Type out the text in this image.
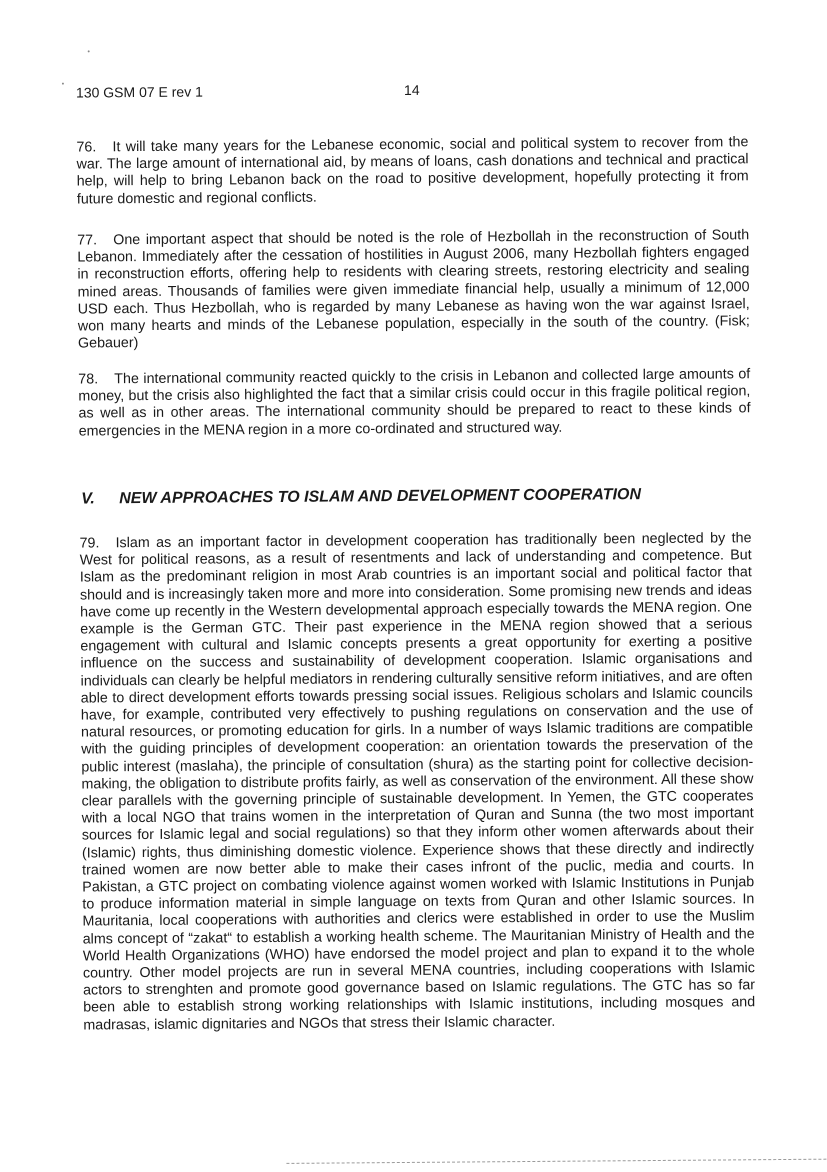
130 GSM 07 E rev 1	14

76. It will take many years for the Lebanese economic, social and political system to recover from the war. The large amount of international aid, by means of loans, cash donations and technical and practical help, will help to bring Lebanon back on the road to positive development, hopefully protecting it from future domestic and regional conflicts.

77. One important aspect that should be noted is the role of Hezbollah in the reconstruction of South Lebanon. Immediately after the cessation of hostilities in August 2006, many Hezbollah fighters engaged in reconstruction efforts, offering help to residents with clearing streets, restoring electricity and sealing mined areas. Thousands of families were given immediate financial help, usually a minimum of 12,000 USD each. Thus Hezbollah, who is regarded by many Lebanese as having won the war against Israel, won many hearts and minds of the Lebanese population, especially in the south of the country. (Fisk; Gebauer)

78. The international community reacted quickly to the crisis in Lebanon and collected large amounts of money, but the crisis also highlighted the fact that a similar crisis could occur in this fragile political region, as well as in other areas. The international community should be prepared to react to these kinds of emergencies in the MENA region in a more co-ordinated and structured way.

V. NEW APPROACHES TO ISLAM AND DEVELOPMENT COOPERATION

79. Islam as an important factor in development cooperation has traditionally been neglected by the West for political reasons, as a result of resentments and lack of understanding and competence. But Islam as the predominant religion in most Arab countries is an important social and political factor that should and is increasingly taken more and more into consideration. Some promising new trends and ideas have come up recently in the Western developmental approach especially towards the MENA region. One example is the German GTC. Their past experience in the MENA region showed that a serious engagement with cultural and Islamic concepts presents a great opportunity for exerting a positive influence on the success and sustainability of development cooperation. Islamic organisations and individuals can clearly be helpful mediators in rendering culturally sensitive reform initiatives, and are often able to direct development efforts towards pressing social issues. Religious scholars and Islamic councils have, for example, contributed very effectively to pushing regulations on conservation and the use of natural resources, or promoting education for girls. In a number of ways Islamic traditions are compatible with the guiding principles of development cooperation: an orientation towards the preservation of the public interest (maslaha), the principle of consultation (shura) as the starting point for collective decision-making, the obligation to distribute profits fairly, as well as conservation of the environment. All these show clear parallels with the governing principle of sustainable development. In Yemen, the GTC cooperates with a local NGO that trains women in the interpretation of Quran and Sunna (the two most important sources for Islamic legal and social regulations) so that they inform other women afterwards about their (Islamic) rights, thus diminishing domestic violence. Experience shows that these directly and indirectly trained women are now better able to make their cases infront of the puclic, media and courts. In Pakistan, a GTC project on combating violence against women worked with Islamic Institutions in Punjab to produce information material in simple language on texts from Quran and other Islamic sources. In Mauritania, local cooperations with authorities and clerics were established in order to use the Muslim alms concept of “zakat“ to establish a working health scheme. The Mauritanian Ministry of Health and the World Health Organizations (WHO) have endorsed the model project and plan to expand it to the whole country. Other model projects are run in several MENA countries, including cooperations with Islamic actors to strenghten and promote good governance based on Islamic regulations. The GTC has so far been able to establish strong working relationships with Islamic institutions, including mosques and madrasas, islamic dignitaries and NGOs that stress their Islamic character.
